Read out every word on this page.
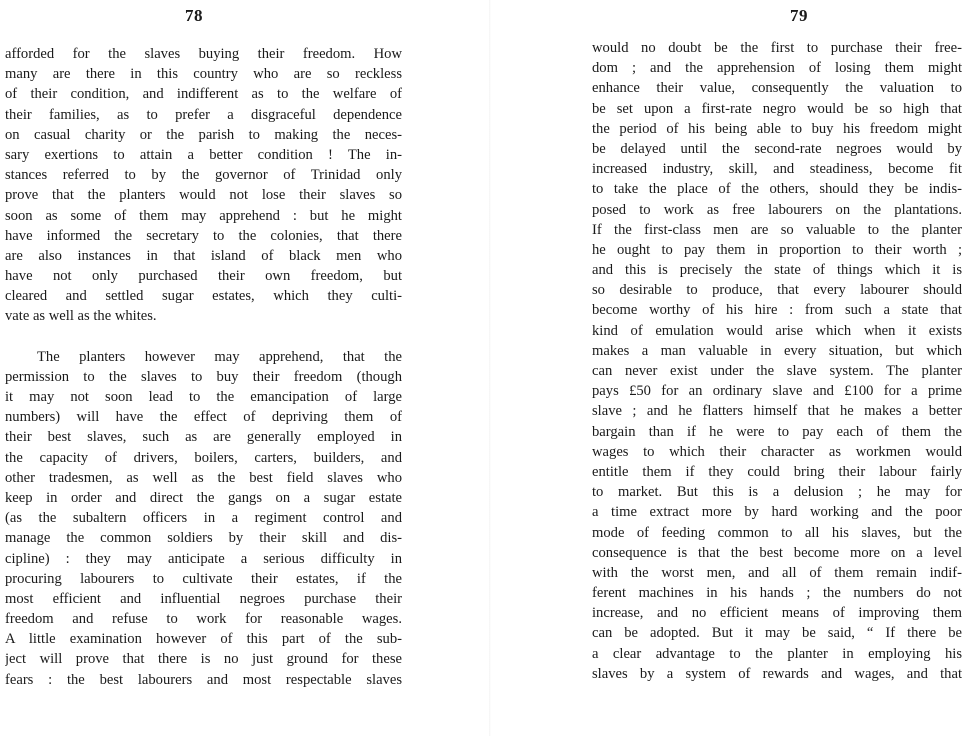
78
afforded for the slaves buying their freedom. How
many are there in this country who are so reckless
of their condition, and indifferent as to the welfare of
their families, as to prefer a disgraceful dependence
on casual charity or the parish to making the neces-
sary exertions to attain a better condition ! The in-
stances referred to by the governor of Trinidad only
prove that the planters would not lose their slaves so
soon as some of them may apprehend : but he might
have informed the secretary to the colonies, that there
are also instances in that island of black men who
have not only purchased their own freedom, but
cleared and settled sugar estates, which they culti-
vate as well as the whites.
The planters however may apprehend, that the
permission to the slaves to buy their freedom (though
it may not soon lead to the emancipation of large
numbers) will have the effect of depriving them of
their best slaves, such as are generally employed in
the capacity of drivers, boilers, carters, builders, and
other tradesmen, as well as the best field slaves who
keep in order and direct the gangs on a sugar estate
(as the subaltern officers in a regiment control and
manage the common soldiers by their skill and dis-
cipline) : they may anticipate a serious difficulty in
procuring labourers to cultivate their estates, if the
most efficient and influential negroes purchase their
freedom and refuse to work for reasonable wages.
A little examination however of this part of the sub-
ject will prove that there is no just ground for these
fears : the best labourers and most respectable slaves
79
would no doubt be the first to purchase their free-
dom ; and the apprehension of losing them might
enhance their value, consequently the valuation to
be set upon a first-rate negro would be so high that
the period of his being able to buy his freedom might
be delayed until the second-rate negroes would by
increased industry, skill, and steadiness, become fit
to take the place of the others, should they be indis-
posed to work as free labourers on the plantations.
If the first-class men are so valuable to the planter
he ought to pay them in proportion to their worth ;
and this is precisely the state of things which it is
so desirable to produce, that every labourer should
become worthy of his hire : from such a state that
kind of emulation would arise which when it exists
makes a man valuable in every situation, but which
can never exist under the slave system. The planter
pays £50 for an ordinary slave and £100 for a prime
slave ; and he flatters himself that he makes a better
bargain than if he were to pay each of them the
wages to which their character as workmen would
entitle them if they could bring their labour fairly
to market. But this is a delusion ; he may for
a time extract more by hard working and the poor
mode of feeding common to all his slaves, but the
consequence is that the best become more on a level
with the worst men, and all of them remain indif-
ferent machines in his hands ; the numbers do not
increase, and no efficient means of improving them
can be adopted. But it may be said, “ If there be
a clear advantage to the planter in employing his
slaves by a system of rewards and wages, and that
